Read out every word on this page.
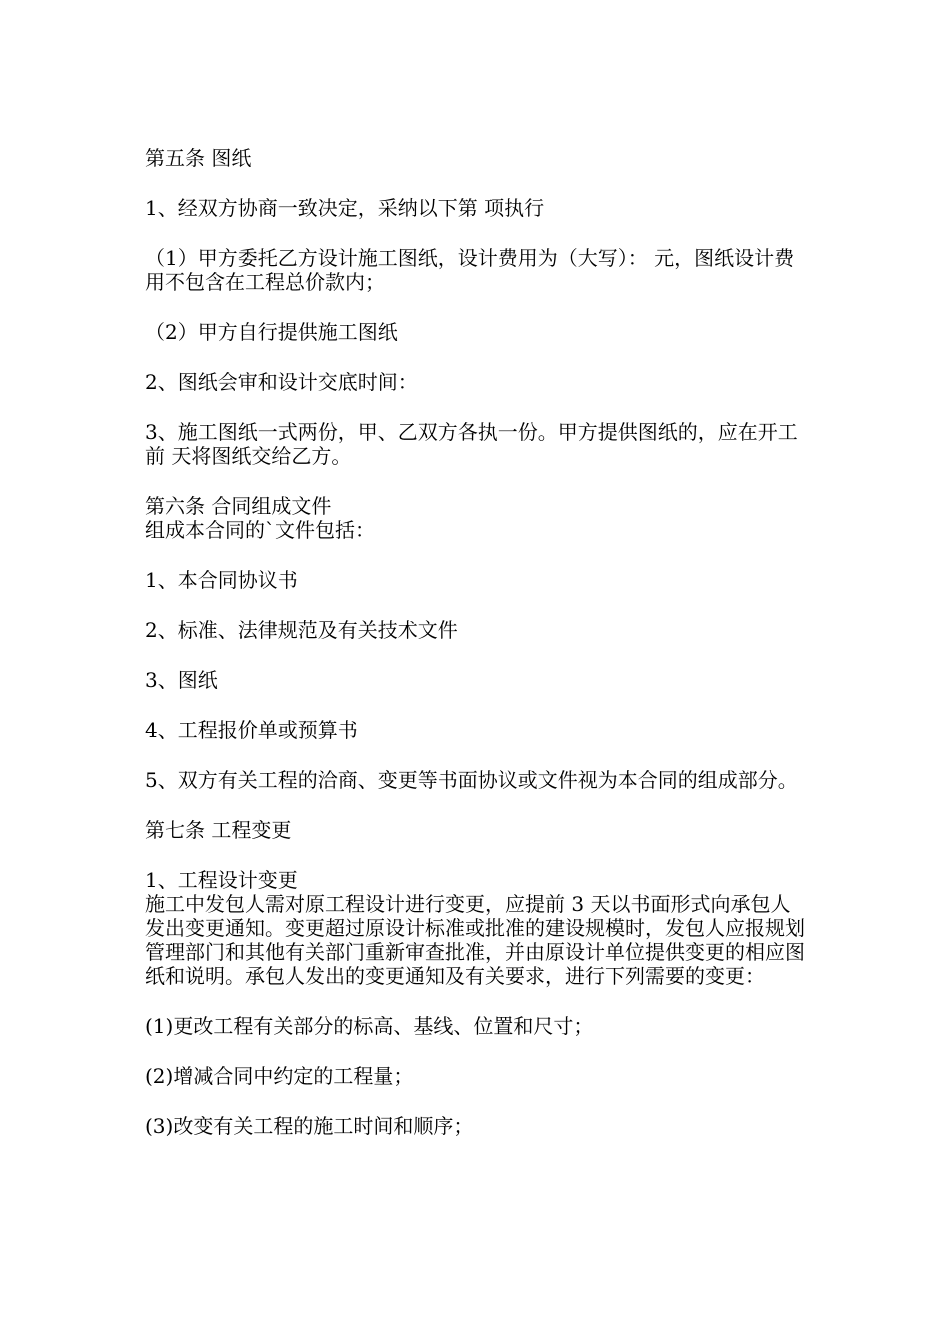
第五条 图纸

1、经双方协商一致决定，采纳以下第 项执行

（1）甲方委托乙方设计施工图纸，设计费用为（大写）： 元，图纸设计费用不包含在工程总价款内；

（2）甲方自行提供施工图纸

2、图纸会审和设计交底时间：

3、施工图纸一式两份，甲、乙双方各执一份。甲方提供图纸的，应在开工前 天将图纸交给乙方。

第六条 合同组成文件

组成本合同的`文件包括：

1、本合同协议书

2、标准、法律规范及有关技术文件

3、图纸

4、工程报价单或预算书

5、双方有关工程的洽商、变更等书面协议或文件视为本合同的组成部分。

第七条 工程变更

1、工程设计变更

施工中发包人需对原工程设计进行变更，应提前 3 天以书面形式向承包人发出变更通知。变更超过原设计标准或批准的建设规模时，发包人应报规划管理部门和其他有关部门重新审查批准，并由原设计单位提供变更的相应图纸和说明。承包人发出的变更通知及有关要求，进行下列需要的变更：

(1)更改工程有关部分的标高、基线、位置和尺寸；

(2)增减合同中约定的工程量；

(3)改变有关工程的施工时间和顺序；
